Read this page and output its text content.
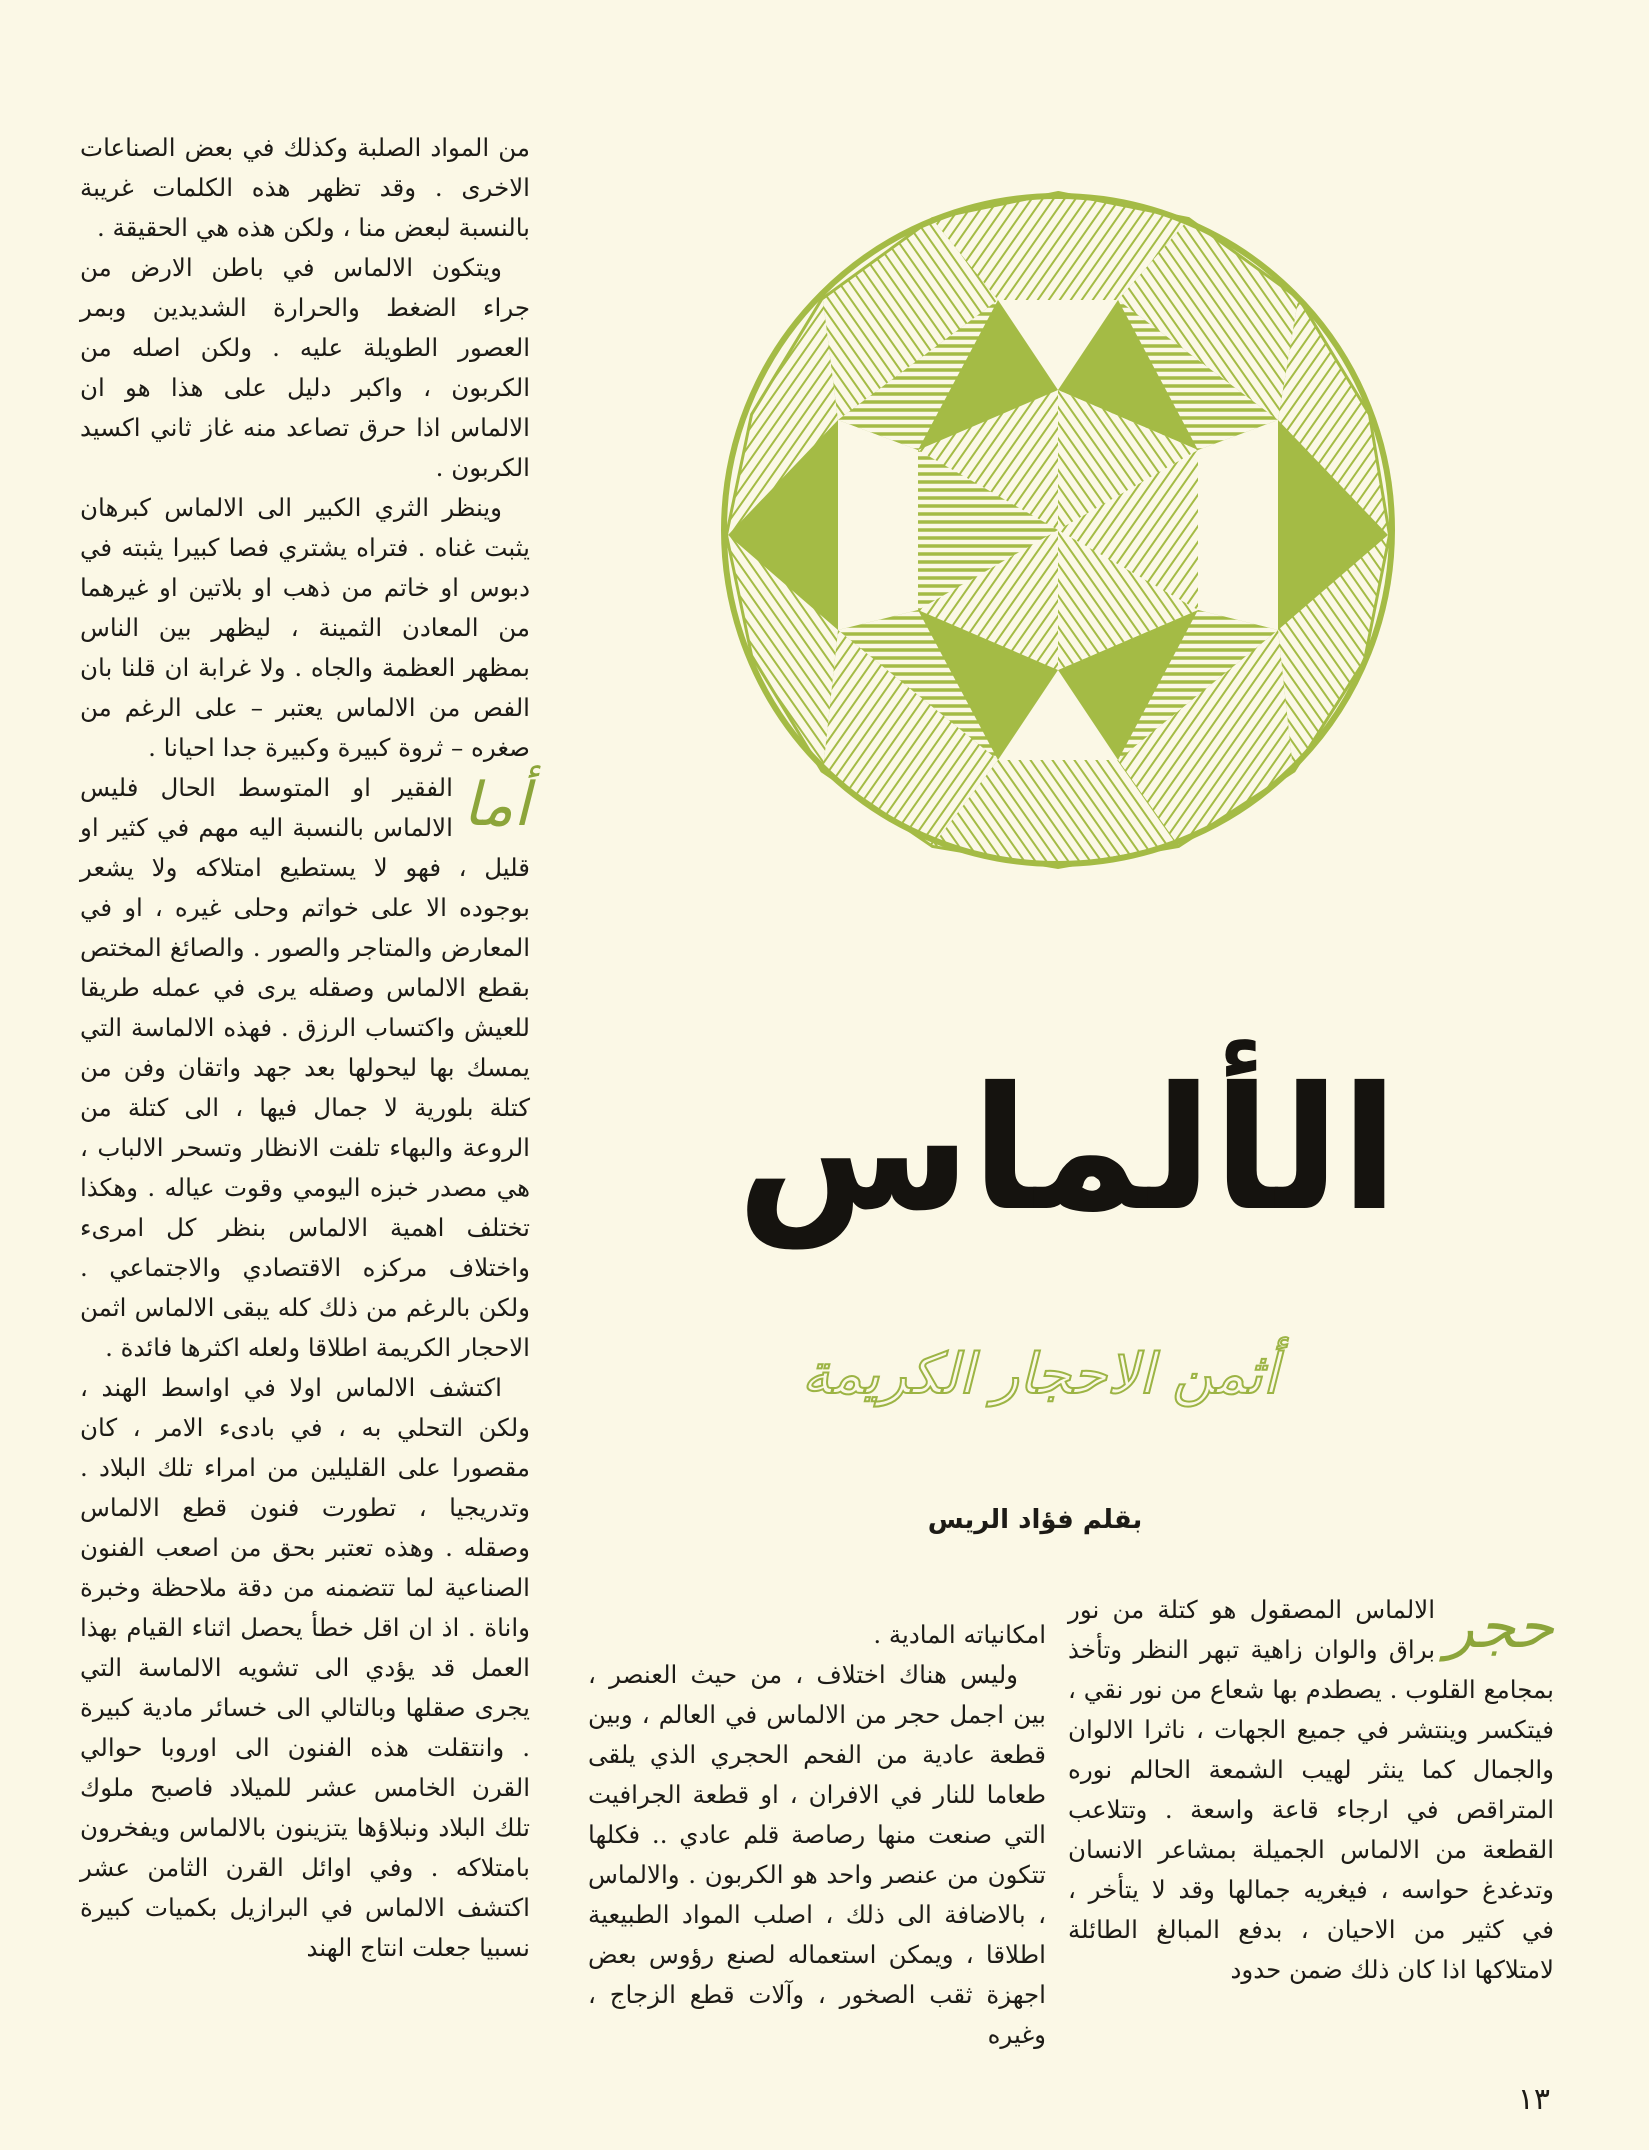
من المواد الصلبة وكذلك في بعض الصناعات الاخرى . وقد تظهر هذه الكلمات غريبة بالنسبة لبعض منا ، ولكن هذه هي الحقيقة .

ويتكون الالماس في باطن الارض من جراء الضغط والحرارة الشديدين وبمر العصور الطويلة عليه . ولكن اصله من الكربون ، واكبر دليل على هذا هو ان الالماس اذا حرق تصاعد منه غاز ثاني اكسيد الكربون .

وينظر الثري الكبير الى الالماس كبرهان يثبت غناه . فتراه يشتري فصا كبيرا يثبته في دبوس او خاتم من ذهب او بلاتين او غيرهما من المعادن الثمينة ، ليظهر بين الناس بمظهر العظمة والجاه . ولا غرابة ان قلنا بان الفص من الالماس يعتبر – على الرغم من صغره – ثروة كبيرة وكبيرة جدا احيانا .

أما
الفقير او المتوسط الحال فليس الالماس بالنسبة اليه مهم في كثير او قليل ، فهو لا يستطيع امتلاكه ولا يشعر بوجوده الا على خواتم وحلى غيره ، او في المعارض والمتاجر والصور . والصائغ المختص بقطع الالماس وصقله يرى في عمله طريقا للعيش واكتساب الرزق . فهذه الالماسة التي يمسك بها ليحولها بعد جهد واتقان وفن من كتلة بلورية لا جمال فيها ، الى كتلة من الروعة والبهاء تلفت الانظار وتسحر الالباب ، هي مصدر خبزه اليومي وقوت عياله . وهكذا تختلف اهمية الالماس بنظر كل امرىء واختلاف مركزه الاقتصادي والاجتماعي . ولكن بالرغم من ذلك كله يبقى الالماس اثمن الاحجار الكريمة اطلاقا ولعله اكثرها فائدة .

اكتشف الالماس اولا في اواسط الهند ، ولكن التحلي به ، في بادىء الامر ، كان مقصورا على القليلين من امراء تلك البلاد . وتدريجيا ، تطورت فنون قطع الالماس وصقله . وهذه تعتبر بحق من اصعب الفنون الصناعية لما تتضمنه من دقة ملاحظة وخبرة واناة . اذ ان اقل خطأ يحصل اثناء القيام بهذا العمل قد يؤدي الى تشويه الالماسة التي يجرى صقلها وبالتالي الى خسائر مادية كبيرة . وانتقلت هذه الفنون الى اوروبا حوالي القرن الخامس عشر للميلاد فاصبح ملوك تلك البلاد ونبلاؤها يتزينون بالالماس ويفخرون بامتلاكه . وفي اوائل القرن الثامن عشر اكتشف الالماس في البرازيل بكميات كبيرة نسبيا جعلت انتاج الهند

الألماس
أثمن الاحجار الكريمة
بقلم فؤاد الريس

امكانياته المادية .

وليس هناك اختلاف ، من حيث العنصر ، بين اجمل حجر من الالماس في العالم ، وبين قطعة عادية من الفحم الحجري الذي يلقى طعاما للنار في الافران ، او قطعة الجرافيت التي صنعت منها رصاصة قلم عادي .. فكلها تتكون من عنصر واحد هو الكربون . والالماس ، بالاضافة الى ذلك ، اصلب المواد الطبيعية اطلاقا ، ويمكن استعماله لصنع رؤوس بعض اجهزة ثقب الصخور ، وآلات قطع الزجاج ، وغيره

حجر
الالماس المصقول هو كتلة من نور براق والوان زاهية تبهر النظر وتأخذ بمجامع القلوب . يصطدم بها شعاع من نور نقي ، فيتكسر وينتشر في جميع الجهات ، ناثرا الالوان والجمال كما ينثر لهيب الشمعة الحالم نوره المتراقص في ارجاء قاعة واسعة . وتتلاعب القطعة من الالماس الجميلة بمشاعر الانسان وتدغدغ حواسه ، فيغريه جمالها وقد لا يتأخر ، في كثير من الاحيان ، بدفع المبالغ الطائلة لامتلاكها اذا كان ذلك ضمن حدود

١٣
